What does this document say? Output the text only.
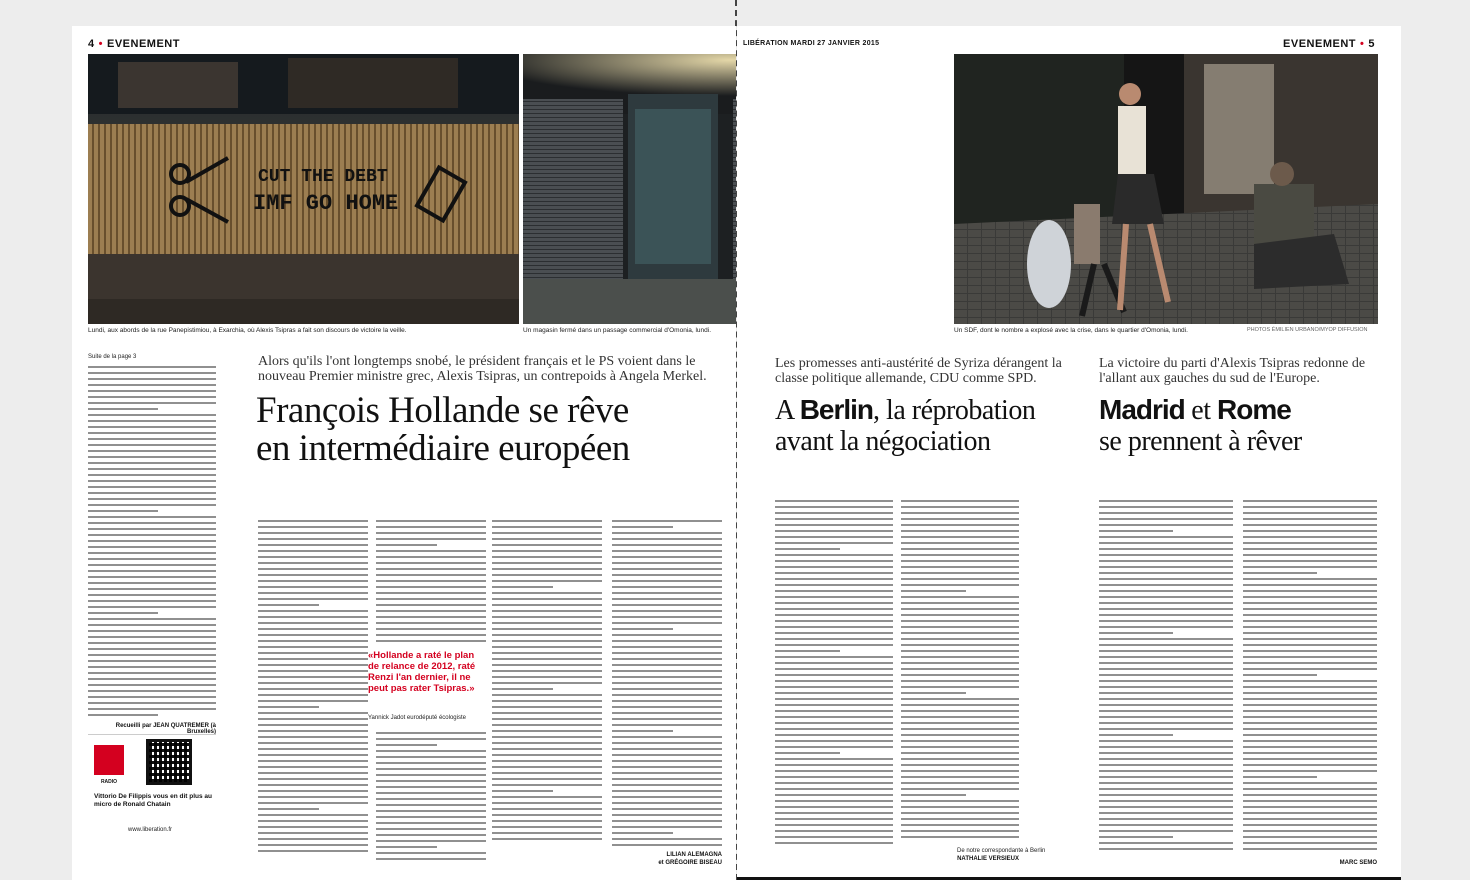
4 • EVENEMENT
CUT THE DEBT
IMF GO HOME
Lundi, aux abords de la rue Panepistimiou, à Exarchia, où Alexis Tsipras a fait son discours de victoire la veille.	Un magasin fermé dans un passage commercial d'Omonia, lundi.
Suite de la page 3
Recueilli par JEAN QUATREMER (à Bruxelles)
RADIO
Vittorio De Filippis vous en dit plus au micro de Ronald Chatain
www.liberation.fr
Alors qu'ils l'ont longtemps snobé, le président français et le PS voient dans le nouveau Premier ministre grec, Alexis Tsipras, un contrepoids à Angela Merkel.
François Hollande se rêve
en intermédiaire européen
«Hollande a raté le plan de relance de 2012, raté Renzi l'an dernier, il ne peut pas rater Tsipras.»
Yannick Jadot eurodéputé écologiste
LILIAN ALEMAGNA
et GRÉGOIRE BISEAU
LIBÉRATION MARDI 27 JANVIER 2015	EVENEMENT • 5
Un SDF, dont le nombre a explosé avec la crise, dans le quartier d'Omonia, lundi.	PHOTOS ÉMILIEN URBANO/MYOP DIFFUSION
Les promesses anti-austérité de Syriza dérangent la classe politique allemande, CDU comme SPD.
A Berlin, la réprobation
avant la négociation
De notre correspondante à Berlin
NATHALIE VERSIEUX
La victoire du parti d'Alexis Tsipras redonne de l'allant aux gauches du sud de l'Europe.
Madrid et Rome
se prennent à rêver
MARC SEMO
